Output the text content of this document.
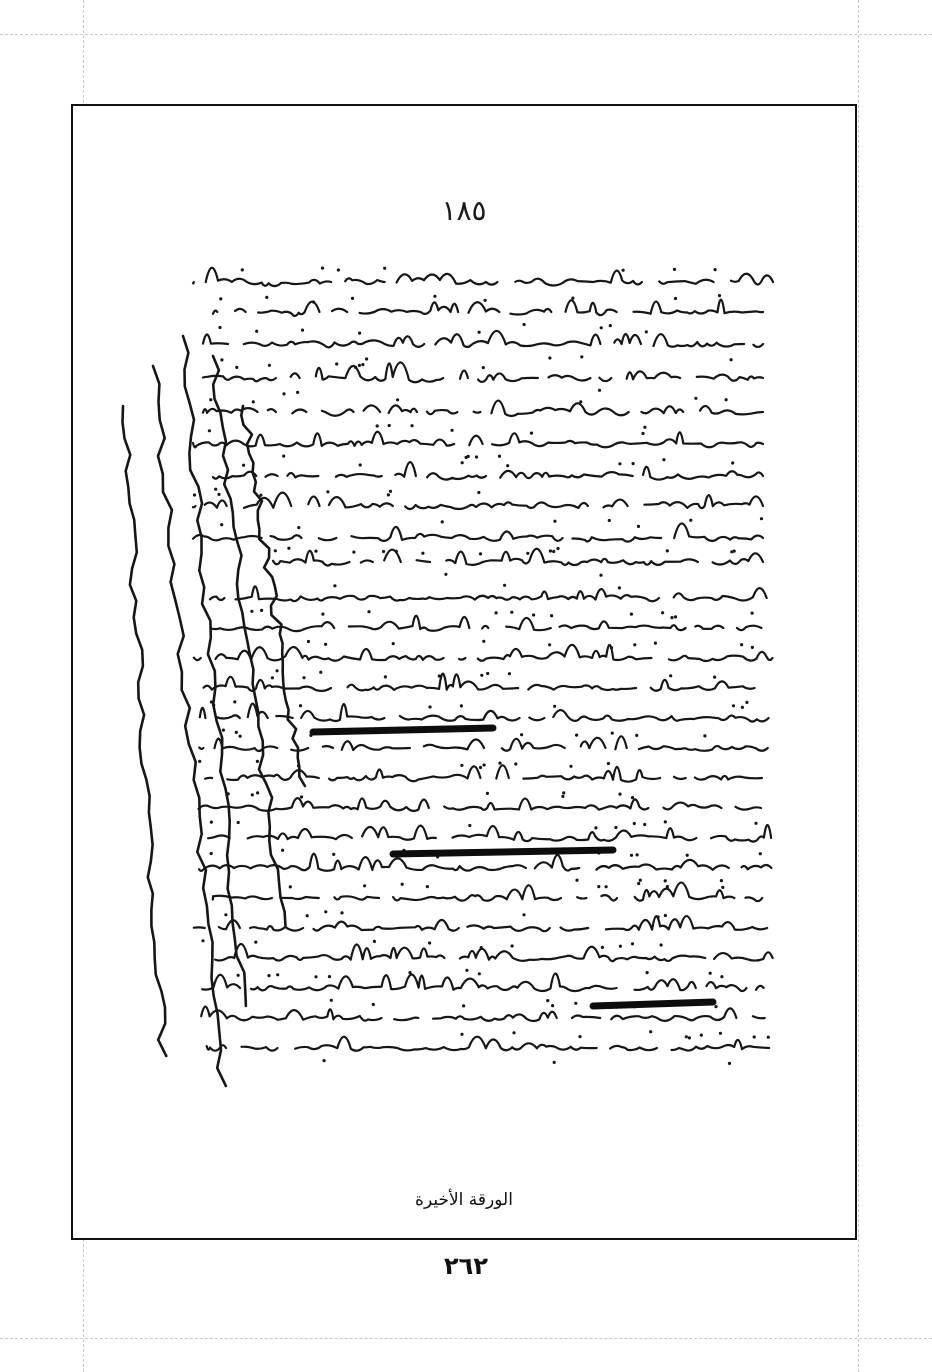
١٨٥
الورقة الأخيرة
٢٦٢
